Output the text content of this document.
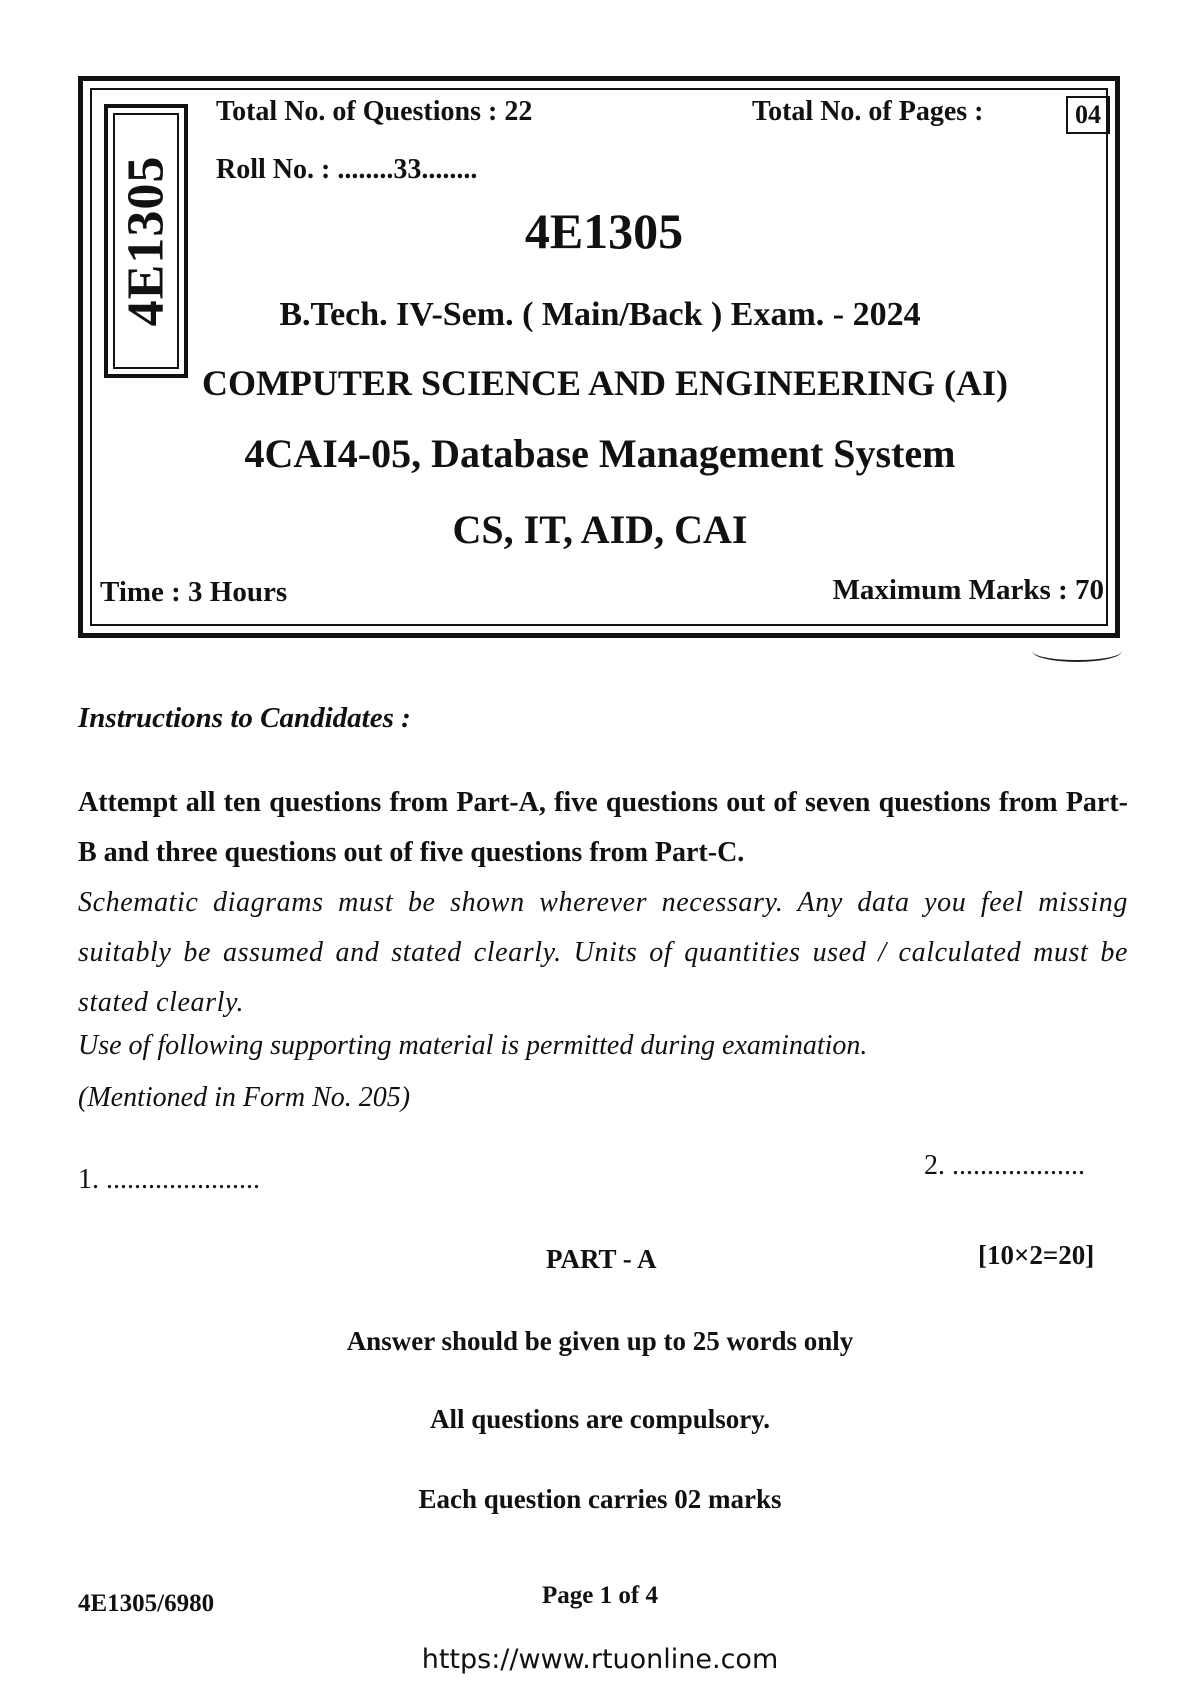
4E1305
Total No. of Questions : 22	Total No. of Pages :	04
Roll No. : ........33........
4E1305
B.Tech. IV-Sem. ( Main/Back ) Exam. - 2024
COMPUTER SCIENCE AND ENGINEERING (AI)
4CAI4-05, Database Management System
CS, IT, AID, CAI
Time : 3 Hours	Maximum Marks : 70
Instructions to Candidates :
Attempt all ten questions from Part-A, five questions out of seven questions from Part-B and three questions out of five questions from Part-C.
Schematic diagrams must be shown wherever necessary. Any data you feel missing suitably be assumed and stated clearly. Units of quantities used / calculated must be stated clearly.
Use of following supporting material is permitted during examination.
(Mentioned in Form No. 205)
1. ......................	2. ...................
PART - A	[10×2=20]
Answer should be given up to 25 words only
All questions are compulsory.
Each question carries 02 marks
4E1305/6980	Page 1 of 4
https://www.rtuonline.com
